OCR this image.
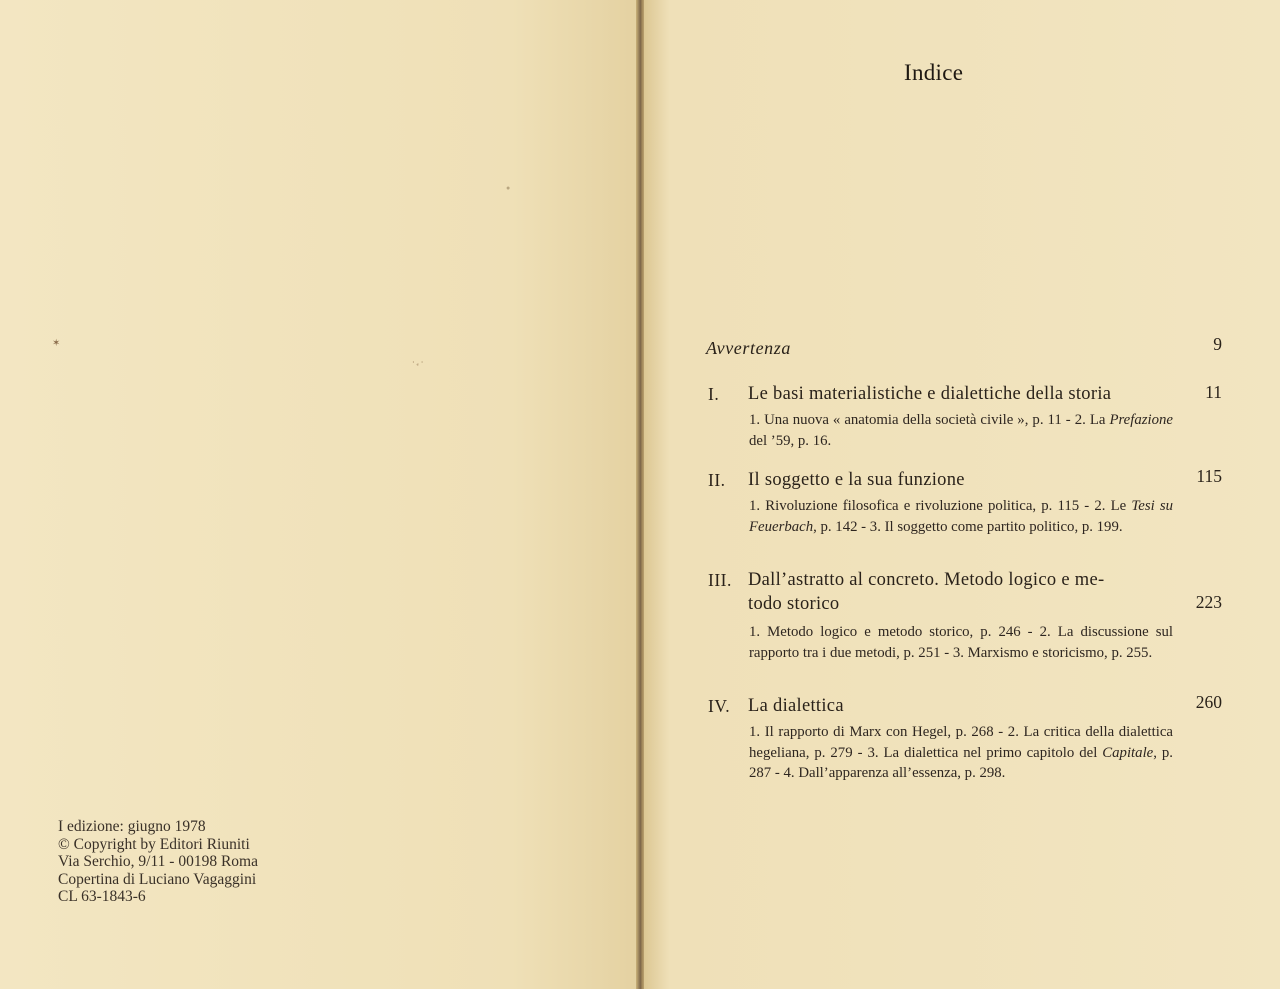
✶
●
· ₑ ·
I edizione: giugno 1978
© Copyright by Editori Riuniti
Via Serchio, 9/11 - 00198 Roma
Copertina di Luciano Vagaggini
CL 63-1843-6
Indice
Avvertenza	9
I. Le basi materialistiche e dialettiche della storia	11
1. Una nuova « anatomia della società civile », p. 11 - 2. La Prefazione del ’59, p. 16.
II. Il soggetto e la sua funzione	115
1. Rivoluzione filosofica e rivoluzione politica, p. 115 - 2. Le Tesi su Feuerbach, p. 142 - 3. Il soggetto come partito politico, p. 199.
III. Dall’astratto al concreto. Metodo logico e me-
todo storico	223
1. Metodo logico e metodo storico, p. 246 - 2. La discussione sul rapporto tra i due metodi, p. 251 - 3. Marxismo e storicismo, p. 255.
IV. La dialettica	260
1. Il rapporto di Marx con Hegel, p. 268 - 2. La critica della dialettica hegeliana, p. 279 - 3. La dialettica nel primo capitolo del Capitale, p. 287 - 4. Dall’apparenza all’essenza, p. 298.
